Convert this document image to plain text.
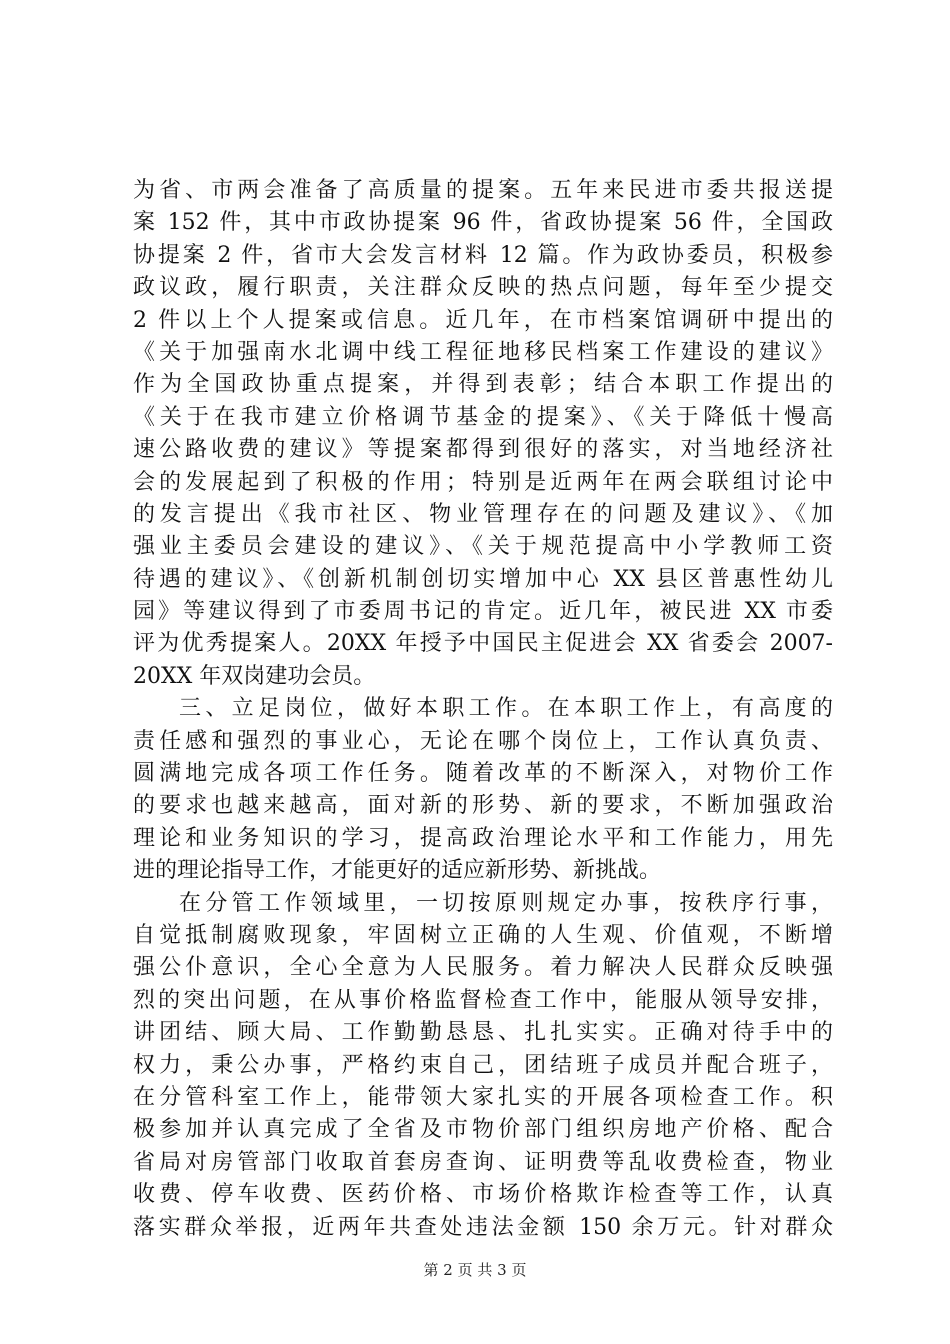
为省、市两会准备了高质量的提案。五年来民进市委共报送提
案 152 件，其中市政协提案 96 件，省政协提案 56 件，全国政
协提案 2 件，省市大会发言材料 12 篇。作为政协委员，积极参
政议政，履行职责，关注群众反映的热点问题，每年至少提交
2 件以上个人提案或信息。近几年，在市档案馆调研中提出的
《关于加强南水北调中线工程征地移民档案工作建设的建议》
作为全国政协重点提案，并得到表彰；结合本职工作提出的
《关于在我市建立价格调节基金的提案》、《关于降低十慢高
速公路收费的建议》等提案都得到很好的落实，对当地经济社
会的发展起到了积极的作用；特别是近两年在两会联组讨论中
的发言提出《我市社区、物业管理存在的问题及建议》、《加
强业主委员会建设的建议》、《关于规范提高中小学教师工资
待遇的建议》、《创新机制创切实增加中心 XX 县区普惠性幼儿
园》等建议得到了市委周书记的肯定。近几年，被民进 XX 市委
评为优秀提案人。20XX 年授予中国民主促进会 XX 省委会 2007-
20XX 年双岗建功会员。
三、立足岗位，做好本职工作。在本职工作上，有高度的
责任感和强烈的事业心，无论在哪个岗位上，工作认真负责、
圆满地完成各项工作任务。随着改革的不断深入，对物价工作
的要求也越来越高，面对新的形势、新的要求，不断加强政治
理论和业务知识的学习，提高政治理论水平和工作能力，用先
进的理论指导工作，才能更好的适应新形势、新挑战。
在分管工作领域里，一切按原则规定办事，按秩序行事，
自觉抵制腐败现象，牢固树立正确的人生观、价值观，不断增
强公仆意识，全心全意为人民服务。着力解决人民群众反映强
烈的突出问题，在从事价格监督检查工作中，能服从领导安排，
讲团结、顾大局、工作勤勤恳恳、扎扎实实。正确对待手中的
权力，秉公办事，严格约束自己，团结班子成员并配合班子，
在分管科室工作上，能带领大家扎实的开展各项检查工作。积
极参加并认真完成了全省及市物价部门组织房地产价格、配合
省局对房管部门收取首套房查询、证明费等乱收费检查，物业
收费、停车收费、医药价格、市场价格欺诈检查等工作，认真
落实群众举报，近两年共查处违法金额 150 余万元。针对群众
第 2 页 共 3 页
